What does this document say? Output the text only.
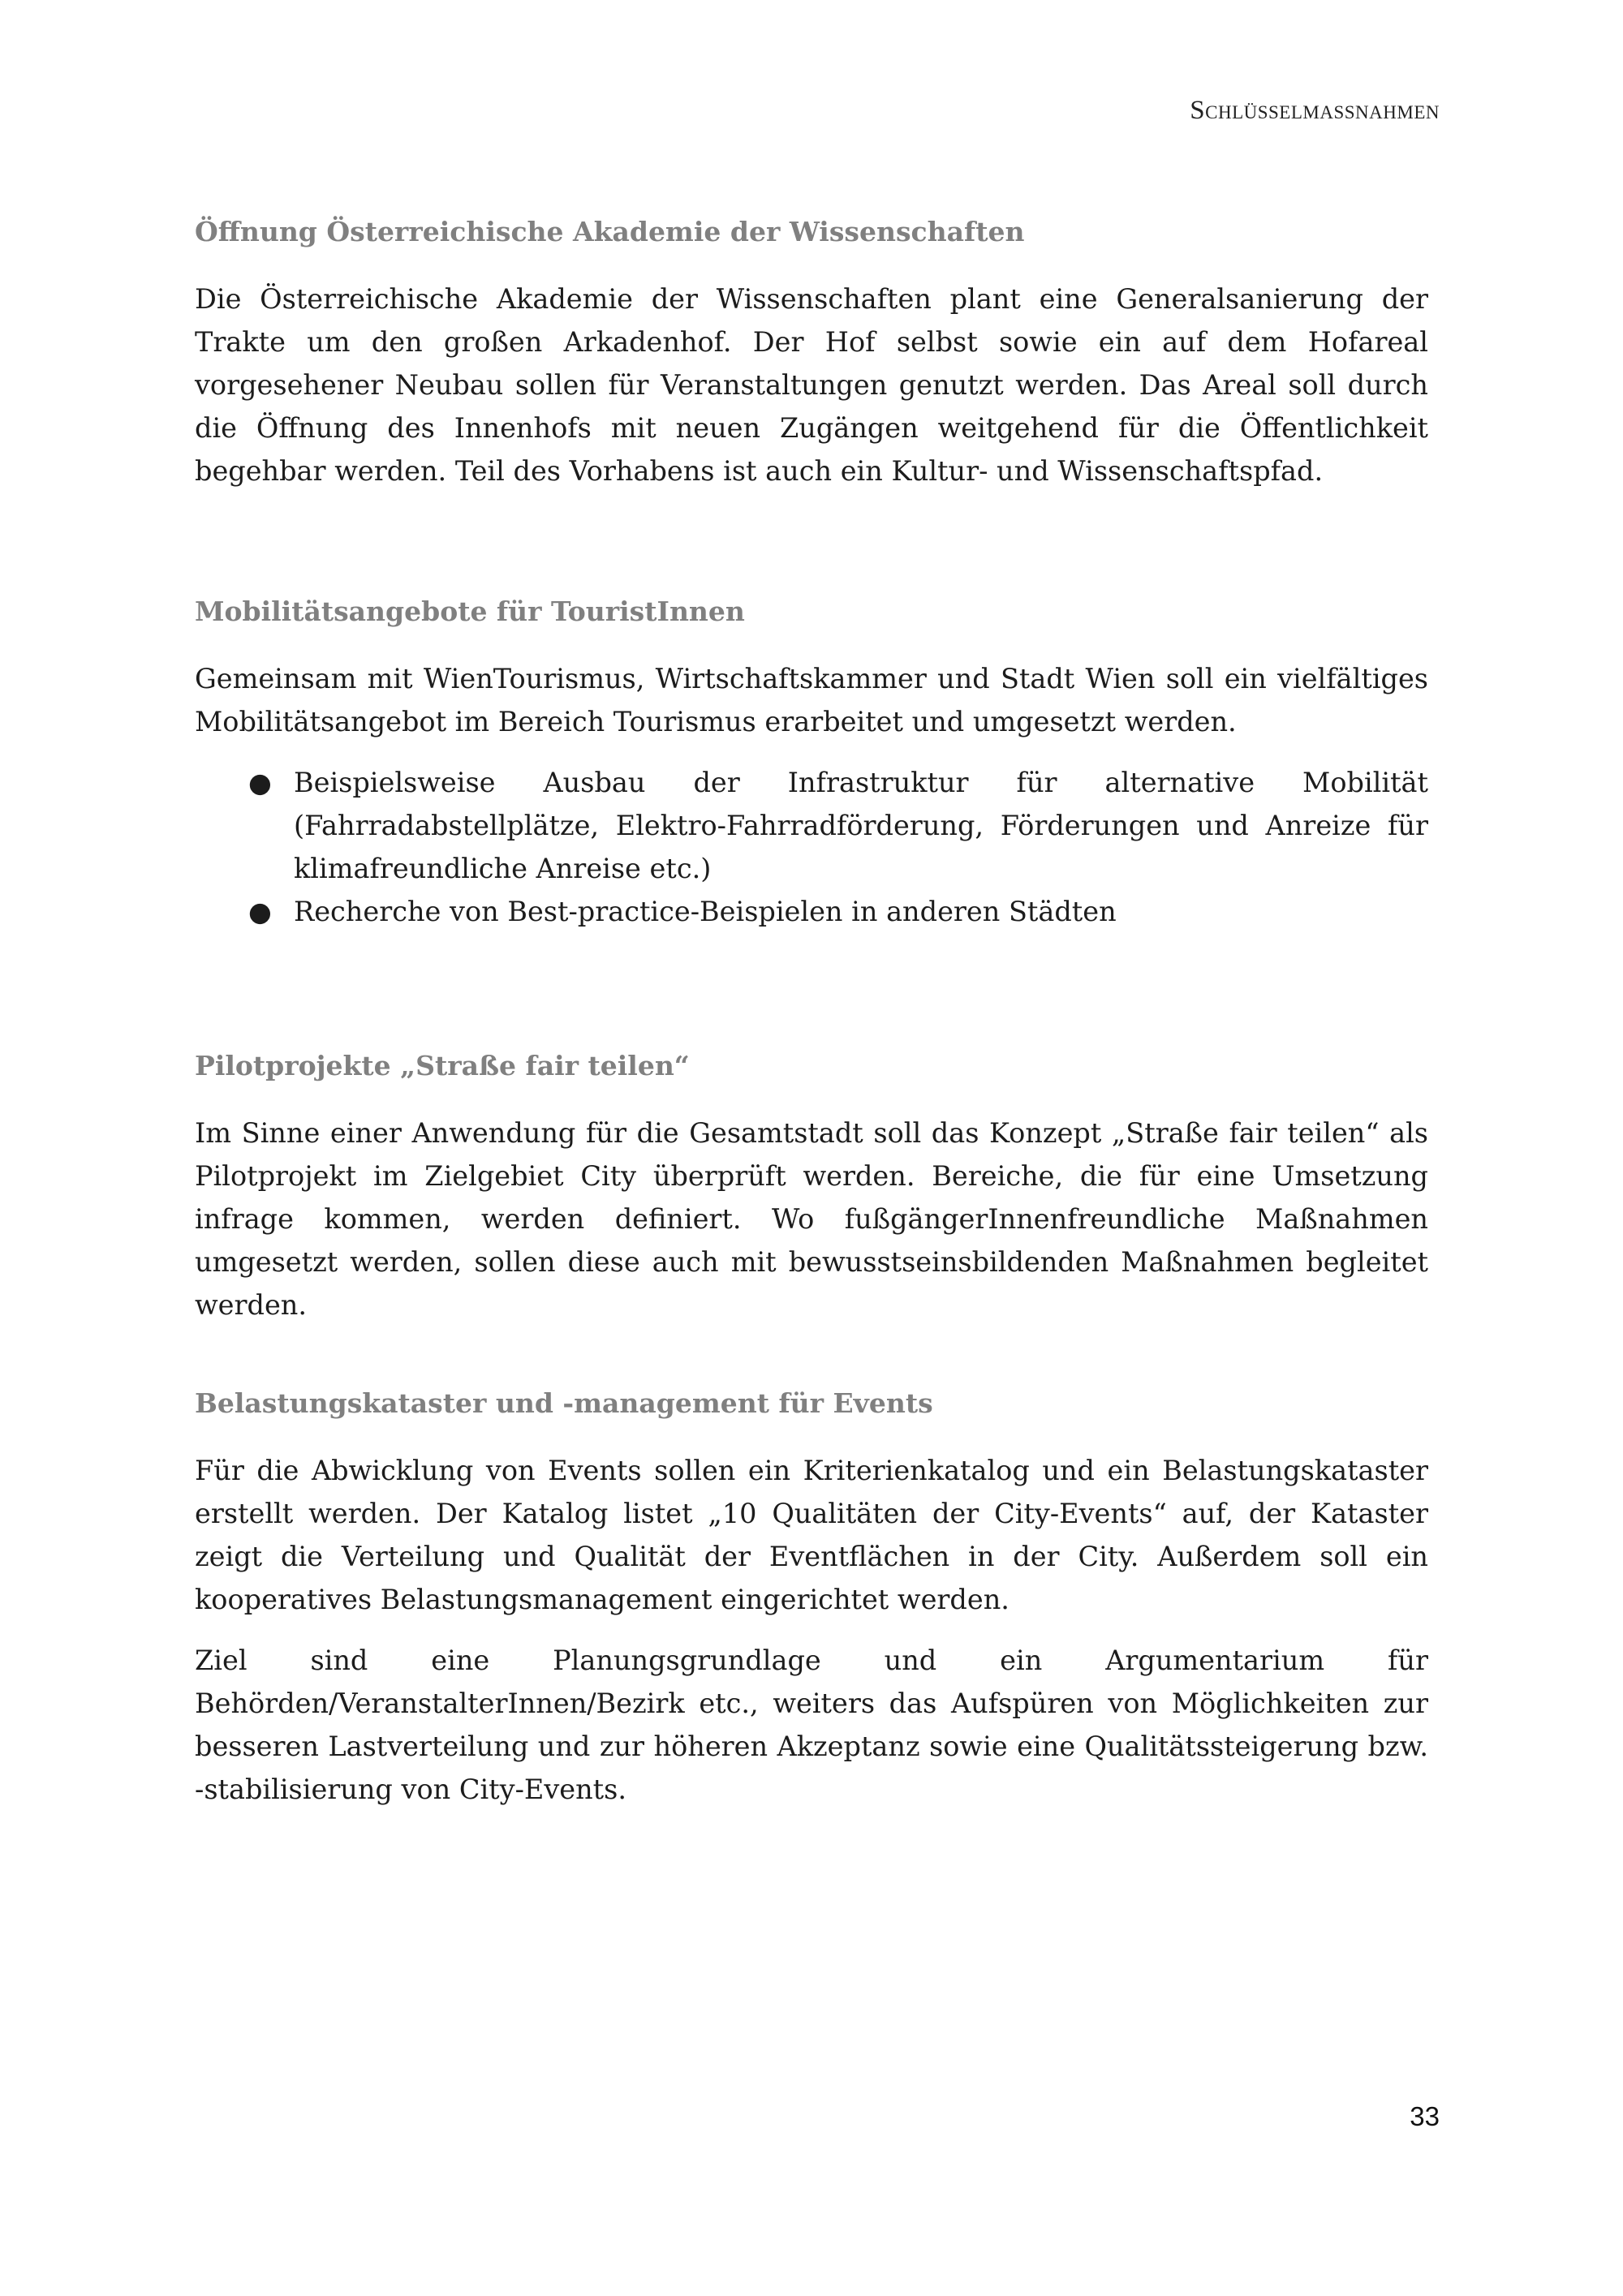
Schlüsselmassnahmen
Öffnung Österreichische Akademie der Wissenschaften

Die Österreichische Akademie der Wissenschaften plant eine Generalsanierung der Trakte um den großen Arkadenhof. Der Hof selbst sowie ein auf dem Hofareal vorgesehener Neubau sollen für Veranstaltungen genutzt werden. Das Areal soll durch die Öffnung des Innenhofs mit neuen Zugängen weitgehend für die Öffentlichkeit begehbar werden. Teil des Vorhabens ist auch ein Kultur- und Wissenschaftspfad.

Mobilitätsangebote für TouristInnen

Gemeinsam mit WienTourismus, Wirtschaftskammer und Stadt Wien soll ein vielfältiges Mobilitätsangebot im Bereich Tourismus erarbeitet und umgesetzt werden.

● Beispielsweise Ausbau der Infrastruktur für alternative Mobilität (Fahrradabstellplätze, Elektro-Fahrradförderung, Förderungen und Anreize für klimafreundliche Anreise etc.)
● Recherche von Best-practice-Beispielen in anderen Städten
Pilotprojekte „Straße fair teilen“

Im Sinne einer Anwendung für die Gesamtstadt soll das Konzept „Straße fair teilen“ als Pilotprojekt im Zielgebiet City überprüft werden. Bereiche, die für eine Umsetzung infrage kommen, werden definiert. Wo fußgängerInnenfreundliche Maßnahmen umgesetzt werden, sollen diese auch mit bewusstseinsbildenden Maßnahmen begleitet werden.

Belastungskataster und -management für Events

Für die Abwicklung von Events sollen ein Kriterienkatalog und ein Belastungskataster erstellt werden. Der Katalog listet „10 Qualitäten der City-Events“ auf, der Kataster zeigt die Verteilung und Qualität der Eventflächen in der City. Außerdem soll ein kooperatives Belastungsmanagement eingerichtet werden.

Ziel sind eine Planungsgrundlage und ein Argumentarium für Behörden/VeranstalterInnen/Bezirk etc., weiters das Aufspüren von Möglichkeiten zur besseren Lastverteilung und zur höheren Akzeptanz sowie eine Qualitätssteigerung bzw. -stabilisierung von City-Events.

33
